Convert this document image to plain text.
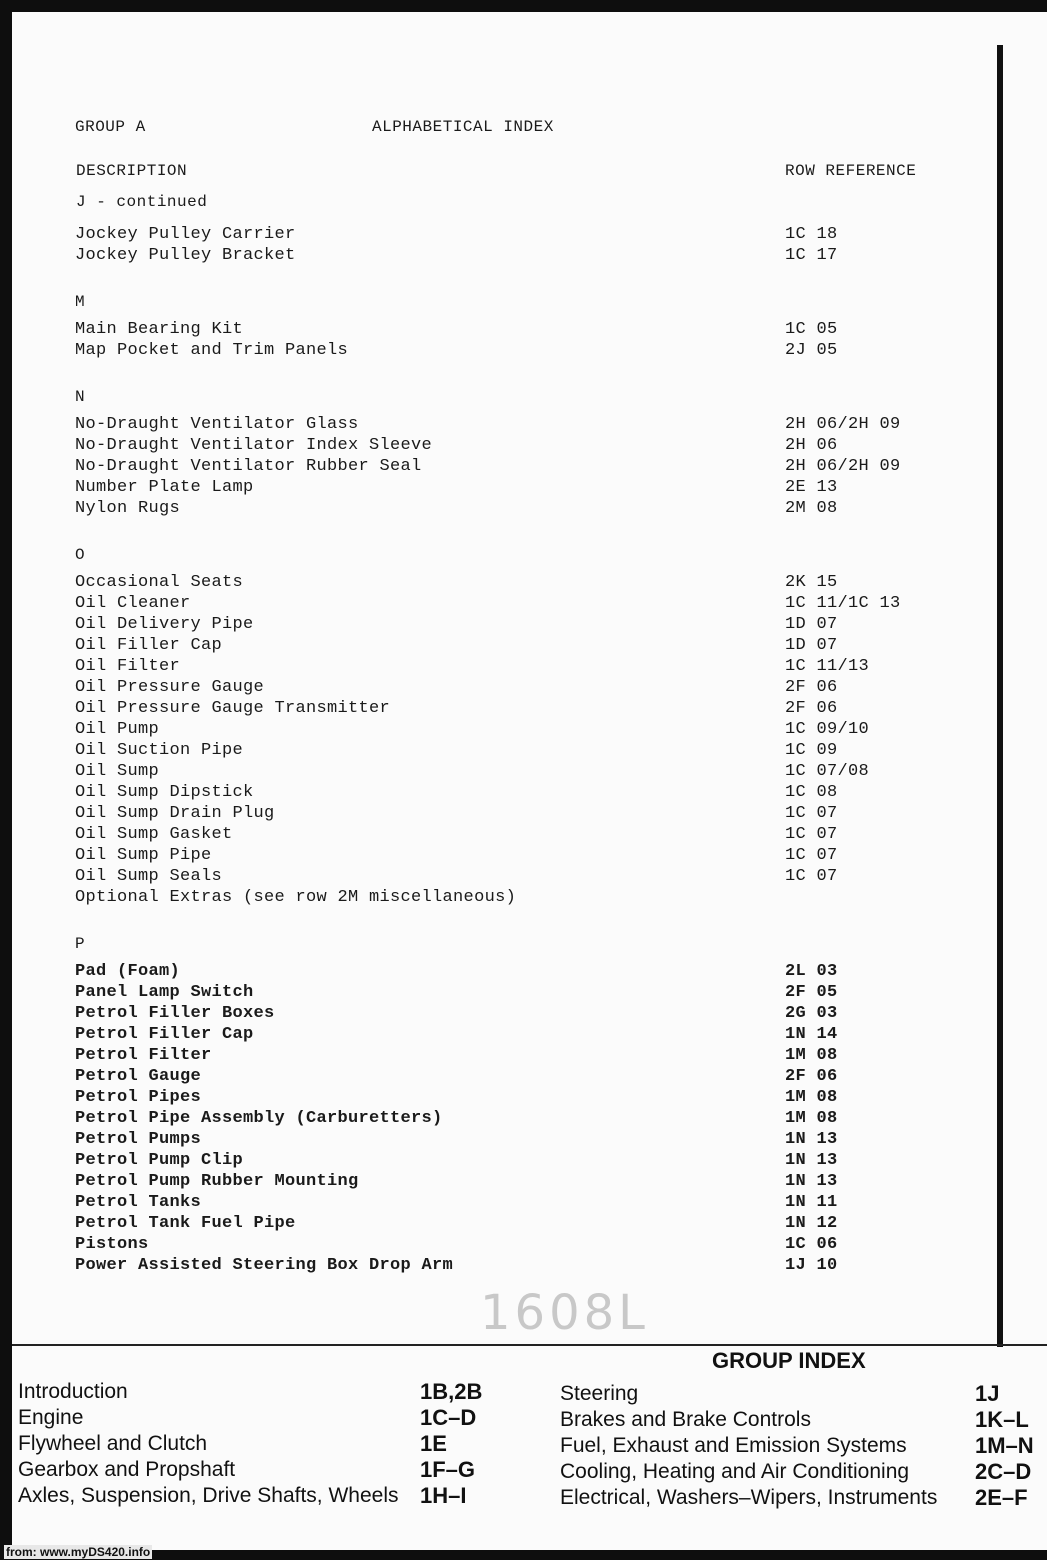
GROUP A	ALPHABETICAL INDEX
DESCRIPTION	ROW REFERENCE
J - continued
Jockey Pulley Carrier
Jockey Pulley Bracket
M
Main Bearing Kit
Map Pocket and Trim Panels
N
No-Draught Ventilator Glass
No-Draught Ventilator Index Sleeve
No-Draught Ventilator Rubber Seal
Number Plate Lamp
Nylon Rugs
O
Occasional Seats
Oil Cleaner
Oil Delivery Pipe
Oil Filler Cap
Oil Filter
Oil Pressure Gauge
Oil Pressure Gauge Transmitter
Oil Pump
Oil Suction Pipe
Oil Sump
Oil Sump Dipstick
Oil Sump Drain Plug
Oil Sump Gasket
Oil Sump Pipe
Oil Sump Seals
Optional Extras (see row 2M miscellaneous)
P
Pad (Foam)
Panel Lamp Switch
Petrol Filler Boxes
Petrol Filler Cap
Petrol Filter
Petrol Gauge
Petrol Pipes
Petrol Pipe Assembly (Carburetters)
Petrol Pumps
Petrol Pump Clip
Petrol Pump Rubber Mounting
Petrol Tanks
Petrol Tank Fuel Pipe
Pistons
Power Assisted Steering Box Drop Arm
1C 18
1C 17
1C 05
2J 05
2H 06/2H 09
2H 06
2H 06/2H 09
2E 13
2M 08
2K 15
1C 11/1C 13
1D 07
1D 07
1C 11/13
2F 06
2F 06
1C 09/10
1C 09
1C 07/08
1C 08
1C 07
1C 07
1C 07
1C 07
2L 03
2F 05
2G 03
1N 14
1M 08
2F 06
1M 08
1M 08
1N 13
1N 13
1N 13
1N 11
1N 12
1C 06
1J 10
1608L
GROUP INDEX
Introduction
Engine
Flywheel and Clutch
Gearbox and Propshaft
Axles, Suspension, Drive Shafts, Wheels
1B,2B
1C–D
1E
1F–G
1H–I
Steering
Brakes and Brake Controls
Fuel, Exhaust and Emission Systems
Cooling, Heating and Air Conditioning
Electrical, Washers–Wipers, Instruments
1J
1K–L
1M–N
2C–D
2E–F
from: www.myDS420.info
